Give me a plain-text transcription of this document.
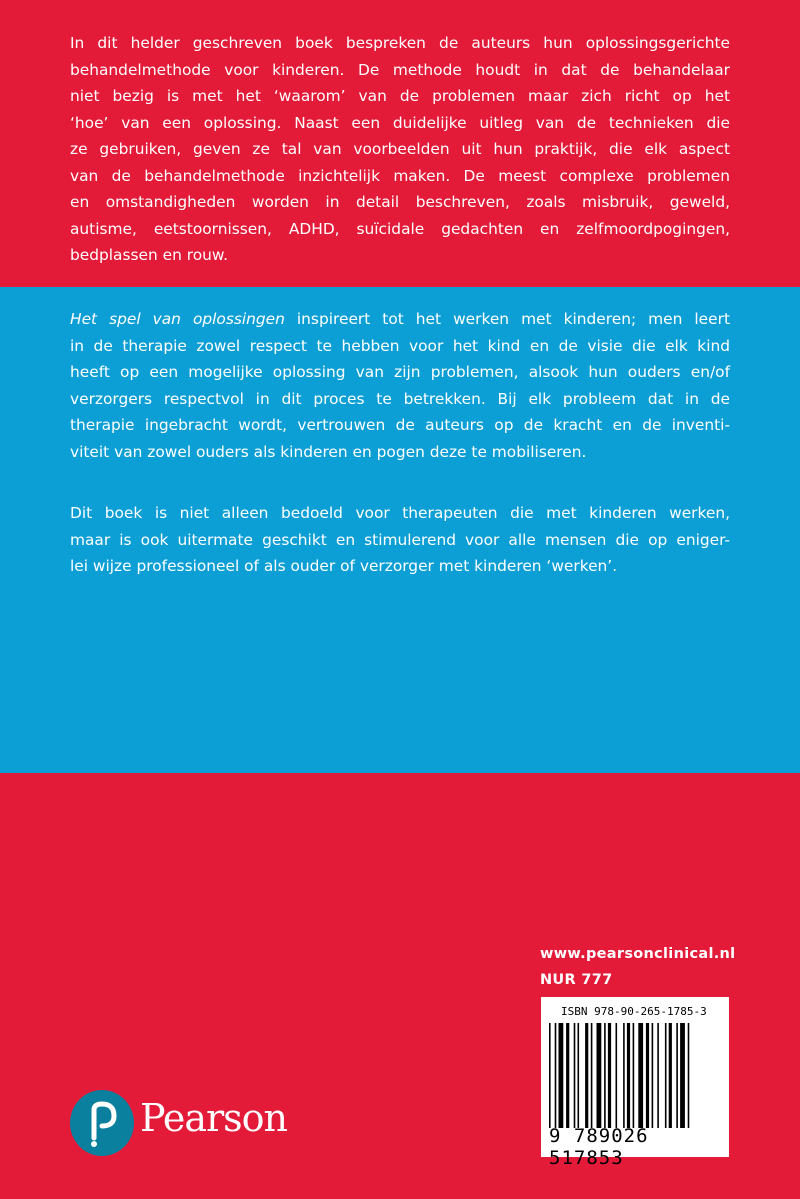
In dit helder geschreven boek bespreken de auteurs hun oplossingsgerichte
behandelmethode voor kinderen. De methode houdt in dat de behandelaar
niet bezig is met het ‘waarom’ van de problemen maar zich richt op het
‘hoe’ van een oplossing. Naast een duidelijke uitleg van de technieken die
ze gebruiken, geven ze tal van voorbeelden uit hun praktijk, die elk aspect
van de behandelmethode inzichtelijk maken. De meest complexe problemen
en omstandigheden worden in detail beschreven, zoals misbruik, geweld,
autisme, eetstoornissen, ADHD, suïcidale gedachten en zelfmoordpogingen,
bedplassen en rouw.
Het spel van oplossingen inspireert tot het werken met kinderen; men leert
in de therapie zowel respect te hebben voor het kind en de visie die elk kind
heeft op een mogelijke oplossing van zijn problemen, alsook hun ouders en/of
verzorgers respectvol in dit proces te betrekken. Bij elk probleem dat in de
therapie ingebracht wordt, vertrouwen de auteurs op de kracht en de inventi-
viteit van zowel ouders als kinderen en pogen deze te mobiliseren.
Dit boek is niet alleen bedoeld voor therapeuten die met kinderen werken,
maar is ook uitermate geschikt en stimulerend voor alle mensen die op eniger-
lei wijze professioneel of als ouder of verzorger met kinderen ‘werken’.
www.pearsonclinical.nl
NUR 777
ISBN 978-90-265-1785-3
9 789026 517853
Pearson
